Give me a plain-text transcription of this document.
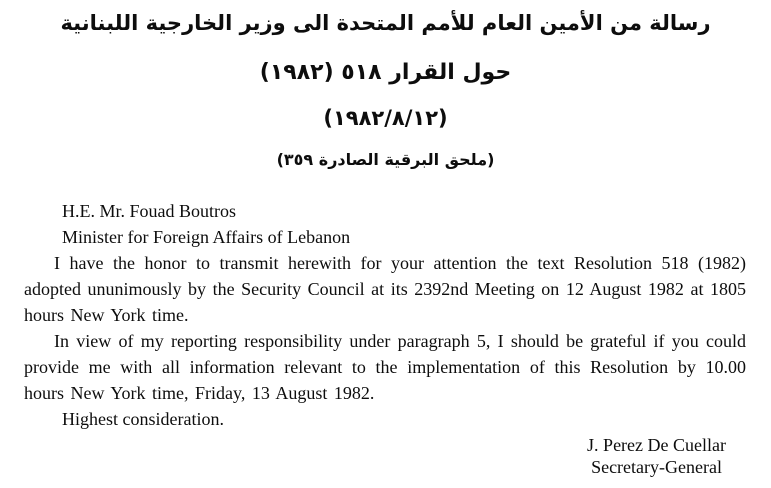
رسالة من الأمين العام للأمم المتحدة الى وزير الخارجية اللبنانية
حول القرار ٥١٨ (١٩٨٢)
(١٩٨٢/٨/١٢)
(ملحق البرقية الصادرة ٣٥٩)

H.E. Mr. Fouad Boutros

Minister for Foreign Affairs of Lebanon

I have the honor to transmit herewith for your attention the text Resolution 518 (1982) adopted ununimously by the Security Council at its 2392nd Meeting on 12 August 1982 at 1805 hours New York time.

In view of my reporting responsibility under paragraph 5, I should be grateful if you could provide me with all information relevant to the implementation of this Resolution by 10.00 hours New York time, Friday, 13 August 1982.

Highest consideration.

J. Perez De Cuellar
Secretary-General
